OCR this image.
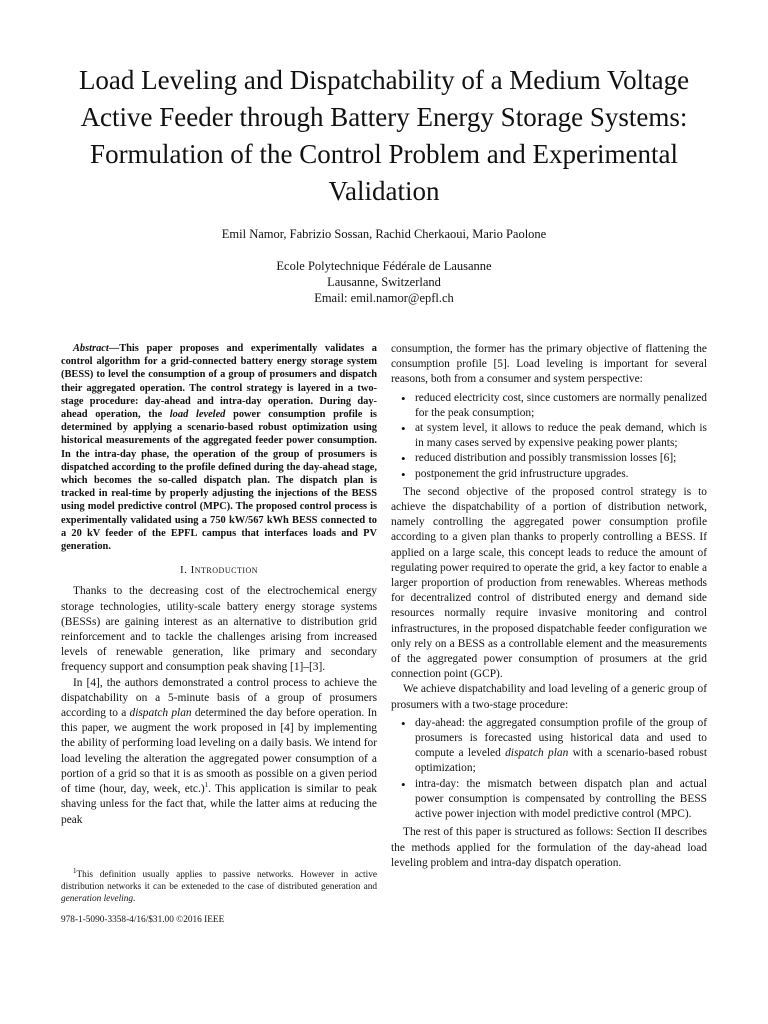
Load Leveling and Dispatchability of a Medium Voltage Active Feeder through Battery Energy Storage Systems: Formulation of the Control Problem and Experimental Validation
Emil Namor, Fabrizio Sossan, Rachid Cherkaoui, Mario Paolone
Ecole Polytechnique Fédérale de Lausanne
Lausanne, Switzerland
Email: emil.namor@epfl.ch

Abstract—This paper proposes and experimentally validates a control algorithm for a grid-connected battery energy storage system (BESS) to level the consumption of a group of prosumers and dispatch their aggregated operation. The control strategy is layered in a two-stage procedure: day-ahead and intra-day operation. During day-ahead operation, the load leveled power consumption profile is determined by applying a scenario-based robust optimization using historical measurements of the aggregated feeder power consumption. In the intra-day phase, the operation of the group of prosumers is dispatched according to the profile defined during the day-ahead stage, which becomes the so-called dispatch plan. The dispatch plan is tracked in real-time by properly adjusting the injections of the BESS using model predictive control (MPC). The proposed control process is experimentally validated using a 750 kW/567 kWh BESS connected to a 20 kV feeder of the EPFL campus that interfaces loads and PV generation.

I. Introduction

Thanks to the decreasing cost of the electrochemical energy storage technologies, utility-scale battery energy storage systems (BESSs) are gaining interest as an alternative to distribution grid reinforcement and to tackle the challenges arising from increased levels of renewable generation, like primary and secondary frequency support and consumption peak shaving [1]–[3].

In [4], the authors demonstrated a control process to achieve the dispatchability on a 5-minute basis of a group of prosumers according to a dispatch plan determined the day before operation. In this paper, we augment the work proposed in [4] by implementing the ability of performing load leveling on a daily basis. We intend for load leveling the alteration the aggregated power consumption of a portion of a grid so that it is as smooth as possible on a given period of time (hour, day, week, etc.)$^1$. This application is similar to peak shaving unless for the fact that, while the latter aims at reducing the peak

$^1$This definition usually applies to passive networks. However in active distribution networks it can be exteneded to the case of distributed generation and generation leveling.

978-1-5090-3358-4/16/$31.00 ©2016 IEEE

consumption, the former has the primary objective of flattening the consumption profile [5]. Load leveling is important for several reasons, both from a consumer and system perspective:

• reduced electricity cost, since customers are normally penalized for the peak consumption;
• at system level, it allows to reduce the peak demand, which is in many cases served by expensive peaking power plants;
• reduced distribution and possibly transmission losses [6];
• postponement the grid infrustructure upgrades.

The second objective of the proposed control strategy is to achieve the dispatchability of a portion of distribution network, namely controlling the aggregated power consumption profile according to a given plan thanks to properly controlling a BESS. If applied on a large scale, this concept leads to reduce the amount of regulating power required to operate the grid, a key factor to enable a larger proportion of production from renewables. Whereas methods for decentralized control of distributed energy and demand side resources normally require invasive monitoring and control infrastructures, in the proposed dispatchable feeder configuration we only rely on a BESS as a controllable element and the measurements of the aggregated power consumption of prosumers at the grid connection point (GCP).

We achieve dispatchability and load leveling of a generic group of prosumers with a two-stage procedure:

• day-ahead: the aggregated consumption profile of the group of prosumers is forecasted using historical data and used to compute a leveled dispatch plan with a scenario-based robust optimization;
• intra-day: the mismatch between dispatch plan and actual power consumption is compensated by controlling the BESS active power injection with model predictive control (MPC).

The rest of this paper is structured as follows: Section II describes the methods applied for the formulation of the day-ahead load leveling problem and intra-day dispatch operation.
